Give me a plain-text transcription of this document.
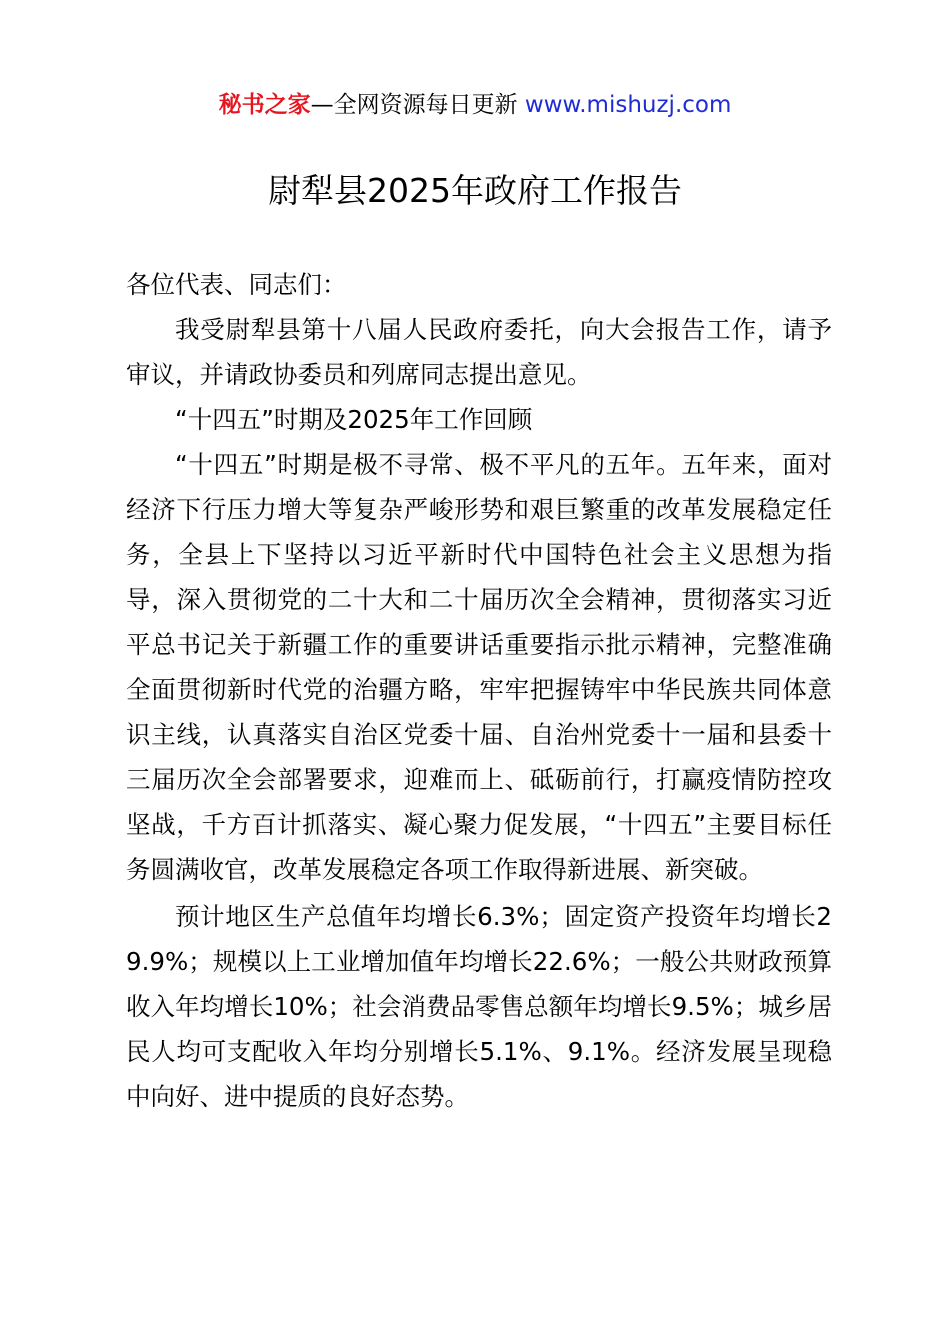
秘书之家—全网资源每日更新 www.mishuzj.com
尉犁县2025年政府工作报告

各位代表、同志们：

我受尉犁县第十八届人民政府委托，向大会报告工作，请予审议，并请政协委员和列席同志提出意见。

“十四五”时期及2025年工作回顾

“十四五”时期是极不寻常、极不平凡的五年。五年来，面对经济下行压力增大等复杂严峻形势和艰巨繁重的改革发展稳定任务，全县上下坚持以习近平新时代中国特色社会主义思想为指导，深入贯彻党的二十大和二十届历次全会精神，贯彻落实习近平总书记关于新疆工作的重要讲话重要指示批示精神，完整准确全面贯彻新时代党的治疆方略，牢牢把握铸牢中华民族共同体意识主线，认真落实自治区党委十届、自治州党委十一届和县委十三届历次全会部署要求，迎难而上、砥砺前行，打赢疫情防控攻坚战，千方百计抓落实、凝心聚力促发展，“十四五”主要目标任务圆满收官，改革发展稳定各项工作取得新进展、新突破。

预计地区生产总值年均增长6.3%；固定资产投资年均增长29.9%；规模以上工业增加值年均增长22.6%；一般公共财政预算收入年均增长10%；社会消费品零售总额年均增长9.5%；城乡居民人均可支配收入年均分别增长5.1%、9.1%。经济发展呈现稳中向好、进中提质的良好态势。
